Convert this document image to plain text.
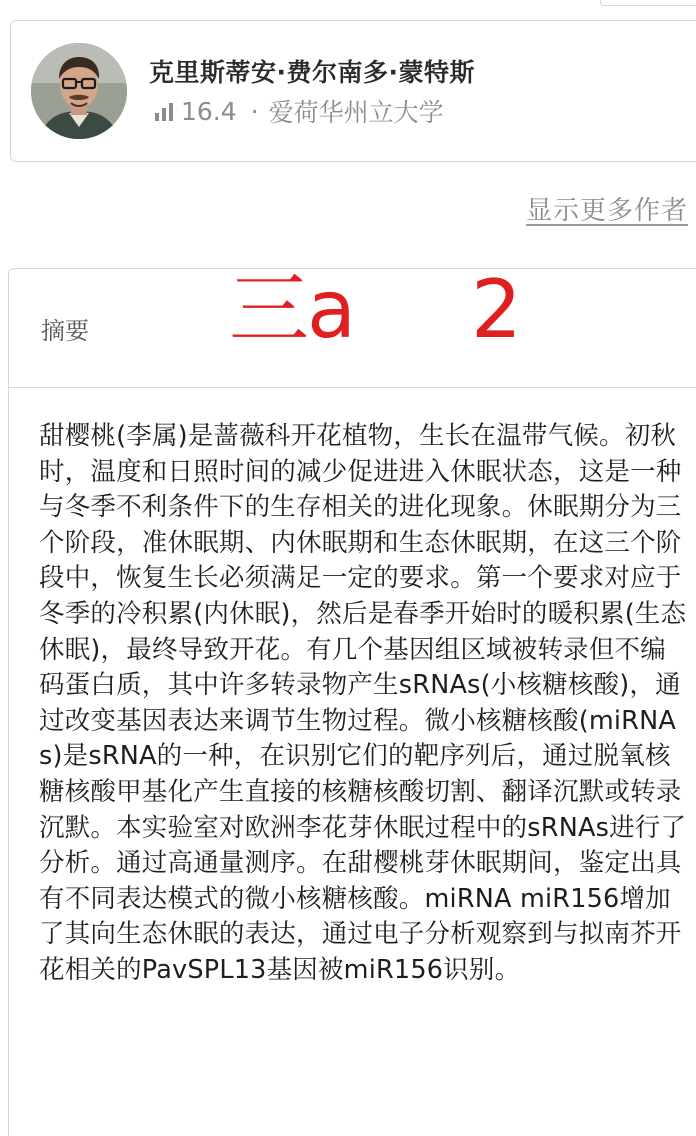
克里斯蒂安·费尔南多·蒙特斯
16.4 · 爱荷华州立大学
显示更多作者
摘要 三a 2
甜樱桃(李属)是蔷薇科开花植物，生长在温带气候。初秋时，温度和日照时间的减少促进进入休眠状态，这是一种与冬季不利条件下的生存相关的进化现象。休眠期分为三个阶段，准休眠期、内休眠期和生态休眠期，在这三个阶段中，恢复生长必须满足一定的要求。第一个要求对应于冬季的冷积累(内休眠)，然后是春季开始时的暖积累(生态休眠)，最终导致开花。有几个基因组区域被转录但不编码蛋白质，其中许多转录物产生sRNAs(小核糖核酸)，通过改变基因表达来调节生物过程。微小核糖核酸(miRNAs)是sRNA的一种，在识别它们的靶序列后，通过脱氧核糖核酸甲基化产生直接的核糖核酸切割、翻译沉默或转录沉默。本实验室对欧洲李花芽休眠过程中的sRNAs进行了分析。通过高通量测序。在甜樱桃芽休眠期间，鉴定出具有不同表达模式的微小核糖核酸。miRNA miR156增加了其向生态休眠的表达，通过电子分析观察到与拟南芥开花相关的PavSPL13基因被miR156识别。
